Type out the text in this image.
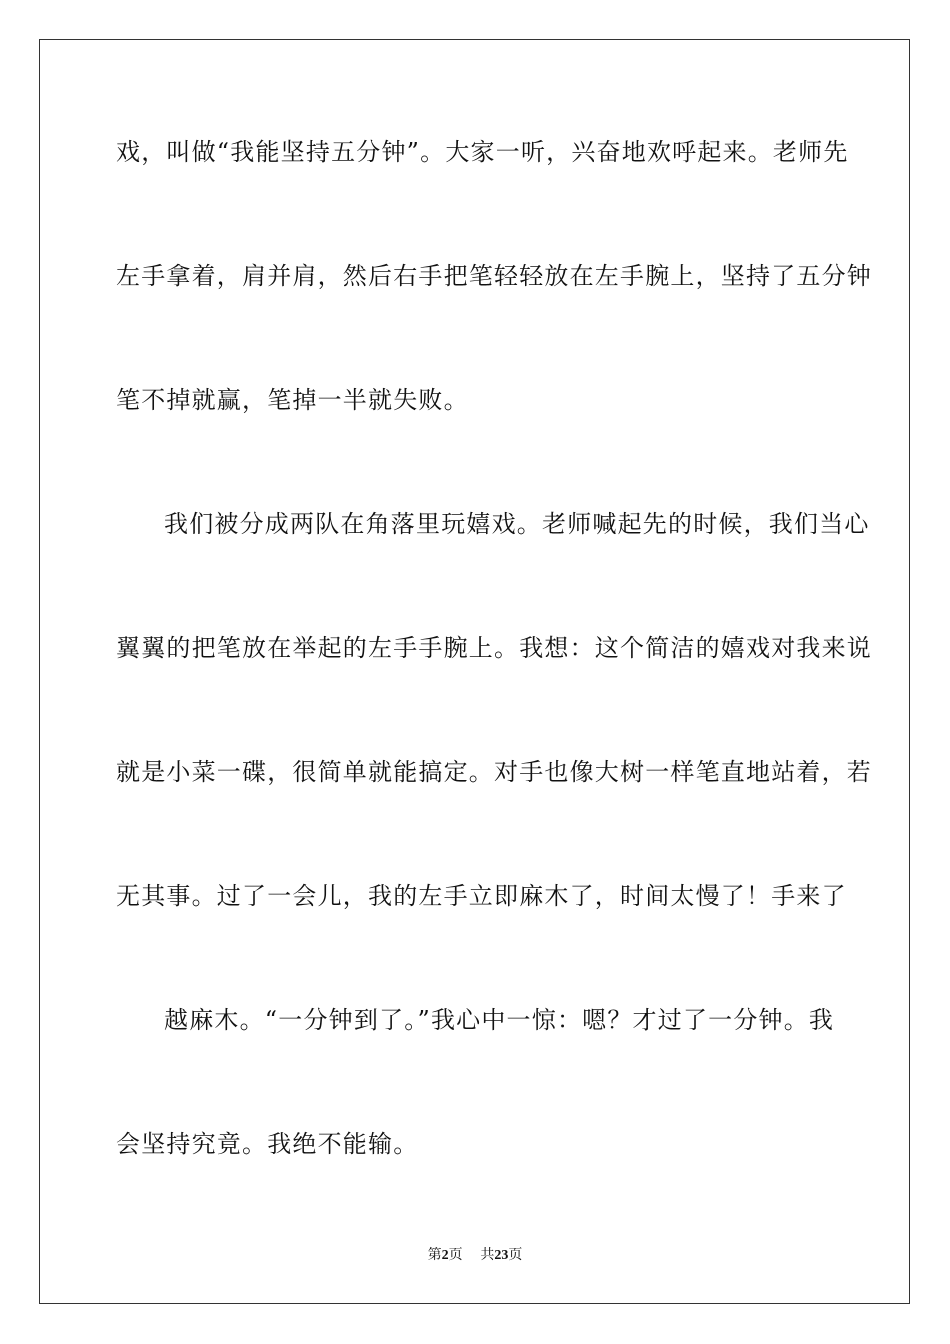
戏，叫做“我能坚持五分钟”。大家一听，兴奋地欢呼起来。老师先
左手拿着，肩并肩，然后右手把笔轻轻放在左手腕上，坚持了五分钟
笔不掉就赢，笔掉一半就失败。
我们被分成两队在角落里玩嬉戏。老师喊起先的时候，我们当心
翼翼的把笔放在举起的左手手腕上。我想：这个简洁的嬉戏对我来说
就是小菜一碟，很简单就能搞定。对手也像大树一样笔直地站着，若
无其事。过了一会儿，我的左手立即麻木了，时间太慢了！手来了
越麻木。“一分钟到了。”我心中一惊：嗯？才过了一分钟。我
会坚持究竟。我绝不能输。
第2页 共23页
